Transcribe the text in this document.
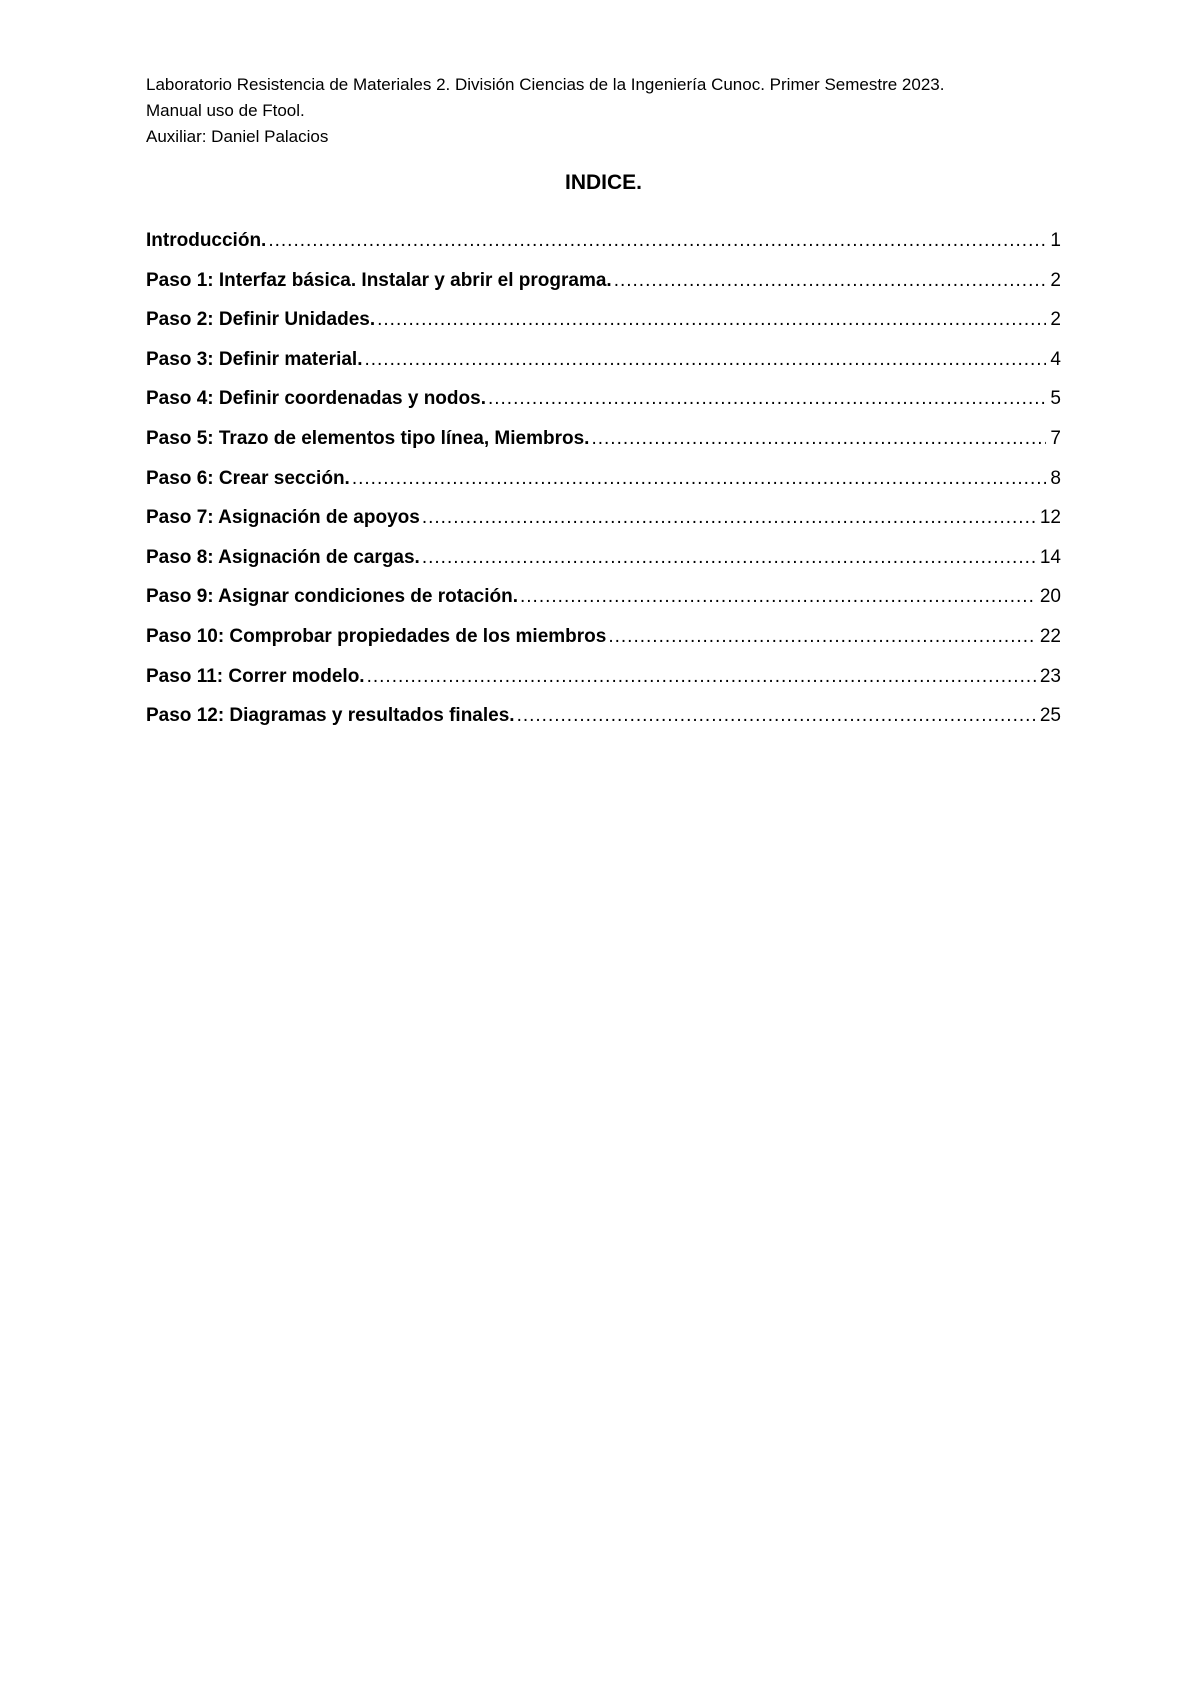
Laboratorio Resistencia de Materiales 2. División Ciencias de la Ingeniería Cunoc. Primer Semestre 2023.
Manual uso de Ftool.
Auxiliar: Daniel Palacios
INDICE.
Introducción. .....	1
Paso 1: Interfaz básica. Instalar y abrir el programa. .....	2
Paso 2: Definir Unidades. .....	2
Paso 3: Definir material. .....	4
Paso 4: Definir coordenadas y nodos. .....	5
Paso 5: Trazo de elementos tipo línea, Miembros. .....	7
Paso 6: Crear sección. .....	8
Paso 7: Asignación de apoyos .....	12
Paso 8: Asignación de cargas. .....	14
Paso 9: Asignar condiciones de rotación. .....	20
Paso 10: Comprobar propiedades de los miembros .....	22
Paso 11: Correr modelo. .....	23
Paso 12: Diagramas y resultados finales. .....	25
